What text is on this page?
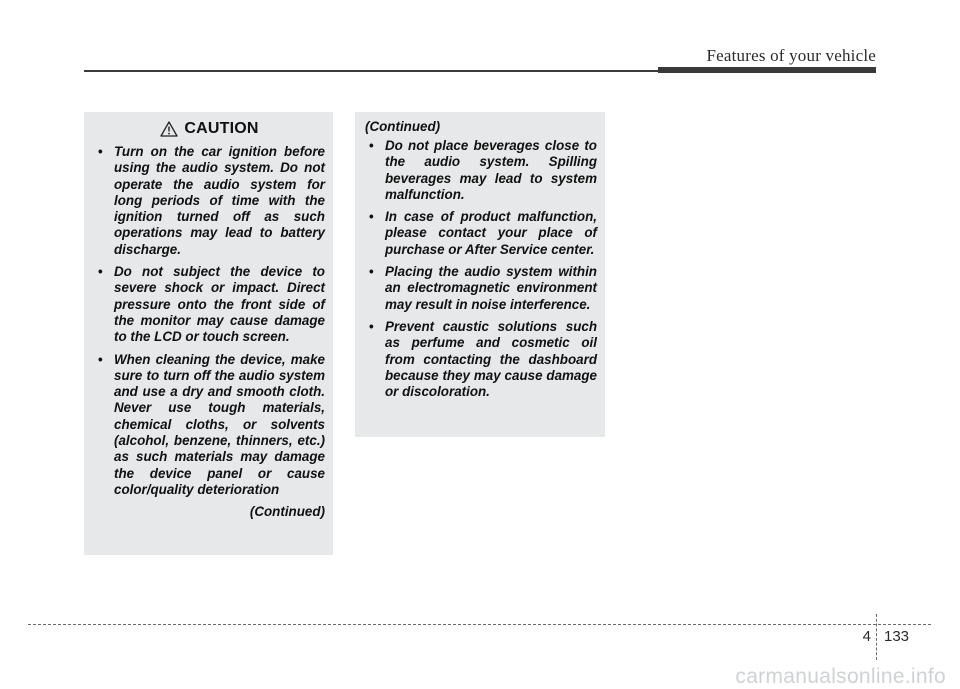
Features of your vehicle
CAUTION
• Turn on the car ignition before using the audio system. Do not operate the audio system for long periods of time with the ignition turned off as such operations may lead to battery discharge.
• Do not subject the device to severe shock or impact. Direct pressure onto the front side of the monitor may cause damage to the LCD or touch screen.
• When cleaning the device, make sure to turn off the audio system and use a dry and smooth cloth. Never use tough materials, chemical cloths, or solvents (alcohol, benzene, thinners, etc.) as such materials may damage the device panel or cause color/quality deterioration
(Continued)
(Continued)
• Do not place beverages close to the audio system. Spilling beverages may lead to system malfunction.
• In case of product malfunction, please contact your place of purchase or After Service center.
• Placing the audio system within an electromagnetic environment may result in noise interference.
• Prevent caustic solutions such as perfume and cosmetic oil from contacting the dashboard because they may cause damage or discoloration.
4 133
carmanualsonline.info
